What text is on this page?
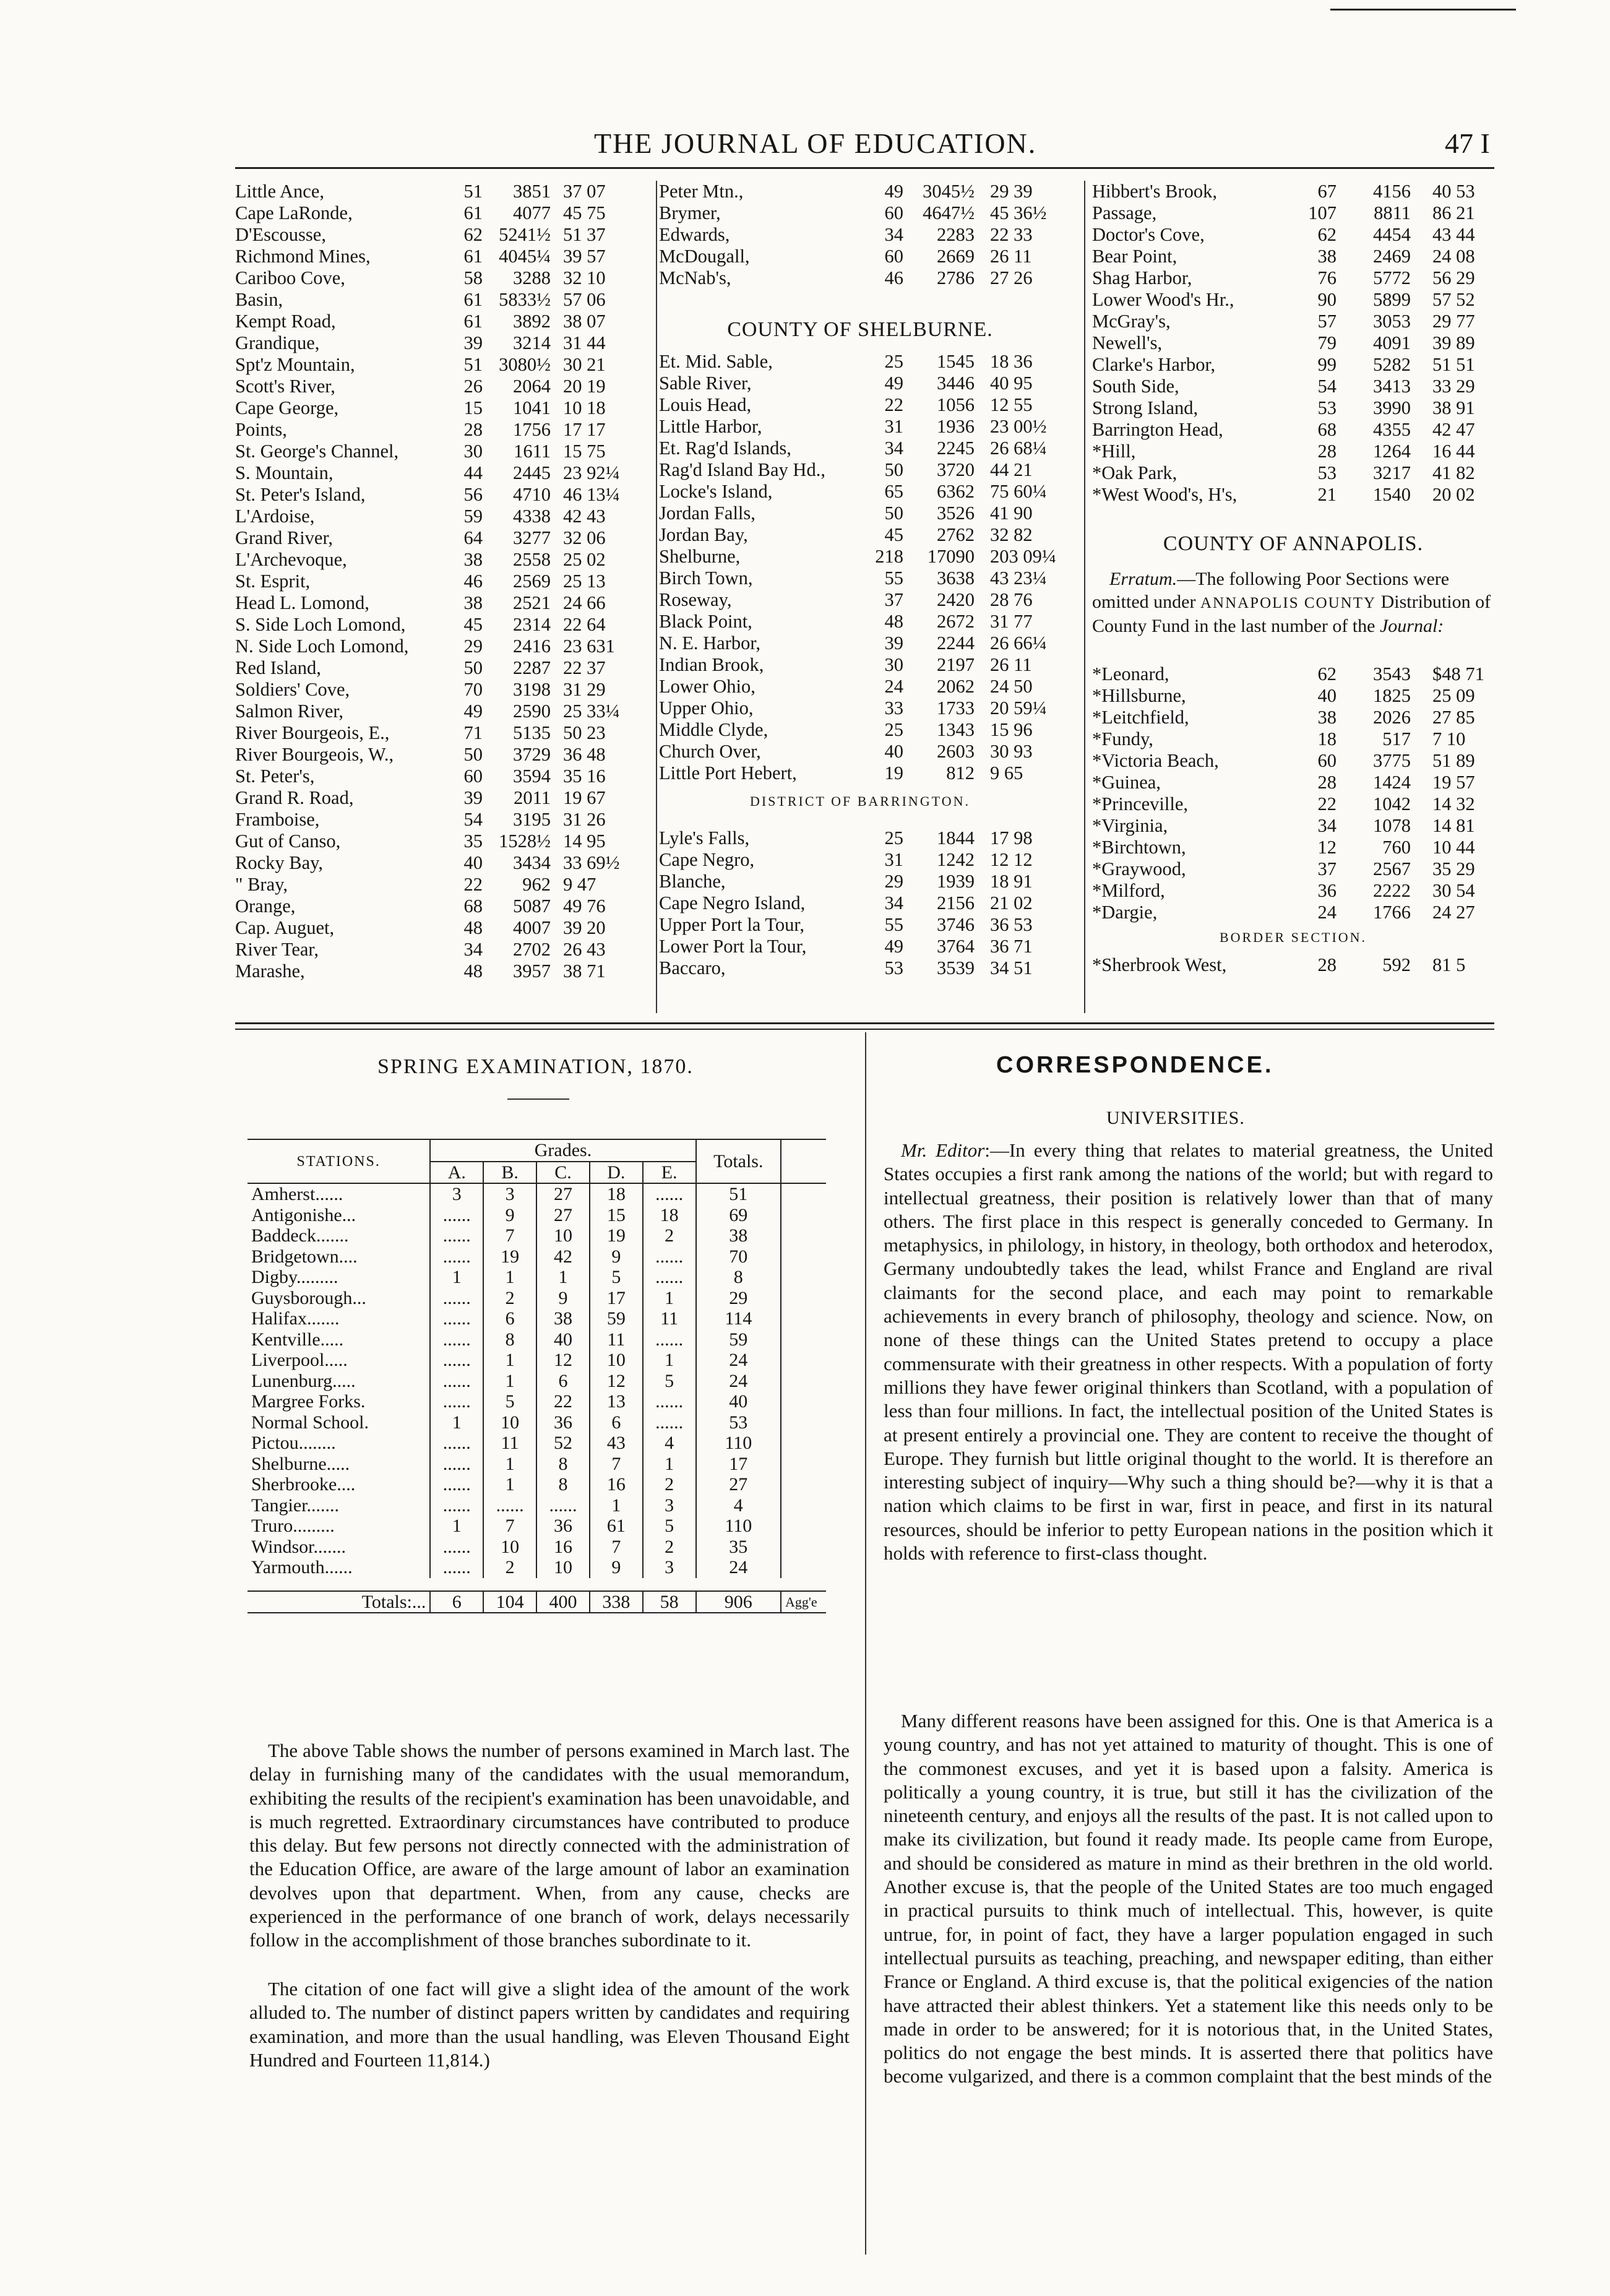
THE JOURNAL OF EDUCATION.	47 I
Little Ance,	51 3851 37 07
Cape LaRonde,	61 4077 45 75
D'Escousse,	62 5241½ 51 37
Richmond Mines,	61 4045¼ 39 57
Cariboo Cove,	58 3288 32 10
Basin,	61 5833½ 57 06
Kempt Road,	61 3892 38 07
Grandique,	39 3214 31 44
Spt'z Mountain,	51 3080½ 30 21
Scott's River,	26 2064 20 19
Cape George,	15 1041 10 18
Points,	28 1756 17 17
St. George's Channel,	30 1611 15 75
S. Mountain,	44 2445 23 92¼
St. Peter's Island,	56 4710 46 13¼
L'Ardoise,	59 4338 42 43
Grand River,	64 3277 32 06
L'Archevoque,	38 2558 25 02
St. Esprit,	46 2569 25 13
Head L. Lomond,	38 2521 24 66
S. Side Loch Lomond,	45 2314 22 64
N. Side Loch Lomond,	29 2416 23 631
Red Island,	50 2287 22 37
Soldiers' Cove,	70 3198 31 29
Salmon River,	49 2590 25 33¼
River Bourgeois, E.,	71 5135 50 23
River Bourgeois, W.,	50 3729 36 48
St. Peter's,	60 3594 35 16
Grand R. Road,	39 2011 19 67
Framboise,	54 3195 31 26
Gut of Canso,	35 1528½ 14 95
Rocky Bay,	40 3434 33 69½
" Bray,	22 962 9 47
Orange,	68 5087 49 76
Cap. Auguet,	48 4007 39 20
River Tear,	34 2702 26 43
Marashe,	48 3957 38 71
Peter Mtn.,	49 3045½ 29 39
Brymer,	60 4647½ 45 36½
Edwards,	34 2283 22 33
McDougall,	60 2669 26 11
McNab's,	46 2786 27 26
COUNTY OF SHELBURNE.
Et. Mid. Sable,	25 1545 18 36
Sable River,	49 3446 40 95
Louis Head,	22 1056 12 55
Little Harbor,	31 1936 23 00½
Et. Rag'd Islands,	34 2245 26 68¼
Rag'd Island Bay Hd.,	50 3720 44 21
Locke's Island,	65 6362 75 60¼
Jordan Falls,	50 3526 41 90
Jordan Bay,	45 2762 32 82
Shelburne,	218 17090 203 09¼
Birch Town,	55 3638 43 23¼
Roseway,	37 2420 28 76
Black Point,	48 2672 31 77
N. E. Harbor,	39 2244 26 66¼
Indian Brook,	30 2197 26 11
Lower Ohio,	24 2062 24 50
Upper Ohio,	33 1733 20 59¼
Middle Clyde,	25 1343 15 96
Church Over,	40 2603 30 93
Little Port Hebert,	19 812 9 65
DISTRICT OF BARRINGTON.
Lyle's Falls,	25 1844 17 98
Cape Negro,	31 1242 12 12
Blanche,	29 1939 18 91
Cape Negro Island,	34 2156 21 02
Upper Port la Tour,	55 3746 36 53
Lower Port la Tour,	49 3764 36 71
Baccaro,	53 3539 34 51
Hibbert's Brook,	67 4156 40 53
Passage,	107 8811 86 21
Doctor's Cove,	62 4454 43 44
Bear Point,	38 2469 24 08
Shag Harbor,	76 5772 56 29
Lower Wood's Hr.,	90 5899 57 52
McGray's,	57 3053 29 77
Newell's,	79 4091 39 89
Clarke's Harbor,	99 5282 51 51
South Side,	54 3413 33 29
Strong Island,	53 3990 38 91
Barrington Head,	68 4355 42 47
*Hill,	28 1264 16 44
*Oak Park,	53 3217 41 82
*West Wood's, H's,	21 1540 20 02
COUNTY OF ANNAPOLIS.
Erratum.—The following Poor Sections were omitted under ANNAPOLIS COUNTY Distribution of County Fund in the last number of the Journal:
*Leonard,	62 3543 $48 71
*Hillsburne,	40 1825 25 09
*Leitchfield,	38 2026 27 85
*Fundy,	18 517 7 10
*Victoria Beach,	60 3775 51 89
*Guinea,	28 1424 19 57
*Princeville,	22 1042 14 32
*Virginia,	34 1078 14 81
*Birchtown,	12 760 10 44
*Graywood,	37 2567 35 29
*Milford,	36 2222 30 54
*Dargie,	24 1766 24 27
BORDER SECTION.
*Sherbrook West,	28 592 81 5
SPRING EXAMINATION, 1870.
STATIONS.	Grades.					Totals.	
	A.	B.	C.	D.	E.		
Amherst......	3	3	27	18	......	51	
Antigonishe...	......	9	27	15	18	69	
Baddeck.......	......	7	10	19	2	38	
Bridgetown....	......	19	42	9	......	70	
Digby.........	1	1	1	5	......	8	
Guysborough...	......	2	9	17	1	29	
Halifax.......	......	6	38	59	11	114	
Kentville.....	......	8	40	11	......	59	
Liverpool.....	......	1	12	10	1	24	
Lunenburg.....	......	1	6	12	5	24	
Margree Forks.	......	5	22	13	......	40	
Normal School.	1	10	36	6	......	53	
Pictou........	......	11	52	43	4	110	
Shelburne.....	......	1	8	7	1	17	
Sherbrooke....	......	1	8	16	2	27	
Tangier.......	......	......	......	1	3	4	
Truro.........	1	7	36	61	5	110	
Windsor.......	......	10	16	7	2	35	
Yarmouth......	......	2	10	9	3	24	

Totals:...	6	104	400	338	58	906	Agg'e
The above Table shows the number of persons examined in March last. The delay in furnishing many of the candidates with the usual memorandum, exhibiting the results of the recipient's examination has been unavoidable, and is much regretted. Extraordinary circumstances have contributed to produce this delay. But few persons not directly connected with the administration of the Education Office, are aware of the large amount of labor an examination devolves upon that department. When, from any cause, checks are experienced in the performance of one branch of work, delays necessarily follow in the accomplishment of those branches subordinate to it.
The citation of one fact will give a slight idea of the amount of the work alluded to. The number of distinct papers written by candidates and requiring examination, and more than the usual handling, was Eleven Thousand Eight Hundred and Fourteen 11,814.)
CORRESPONDENCE.
UNIVERSITIES.
Mr. Editor:—In every thing that relates to material greatness, the United States occupies a first rank among the nations of the world; but with regard to intellectual greatness, their position is relatively lower than that of many others. The first place in this respect is generally conceded to Germany. In metaphysics, in philology, in history, in theology, both orthodox and heterodox, Germany undoubtedly takes the lead, whilst France and England are rival claimants for the second place, and each may point to remarkable achievements in every branch of philosophy, theology and science. Now, on none of these things can the United States pretend to occupy a place commensurate with their greatness in other respects. With a population of forty millions they have fewer original thinkers than Scotland, with a population of less than four millions. In fact, the intellectual position of the United States is at present entirely a provincial one. They are content to receive the thought of Europe. They furnish but little original thought to the world. It is therefore an interesting subject of inquiry—Why such a thing should be?—why it is that a nation which claims to be first in war, first in peace, and first in its natural resources, should be inferior to petty European nations in the position which it holds with reference to first-class thought.
Many different reasons have been assigned for this. One is that America is a young country, and has not yet attained to maturity of thought. This is one of the commonest excuses, and yet it is based upon a falsity. America is politically a young country, it is true, but still it has the civilization of the nineteenth century, and enjoys all the results of the past. It is not called upon to make its civilization, but found it ready made. Its people came from Europe, and should be considered as mature in mind as their brethren in the old world. Another excuse is, that the people of the United States are too much engaged in practical pursuits to think much of intellectual. This, however, is quite untrue, for, in point of fact, they have a larger population engaged in such intellectual pursuits as teaching, preaching, and newspaper editing, than either France or England. A third excuse is, that the political exigencies of the nation have attracted their ablest thinkers. Yet a statement like this needs only to be made in order to be answered; for it is notorious that, in the United States, politics do not engage the best minds. It is asserted there that politics have become vulgarized, and there is a common complaint that the best minds of the
